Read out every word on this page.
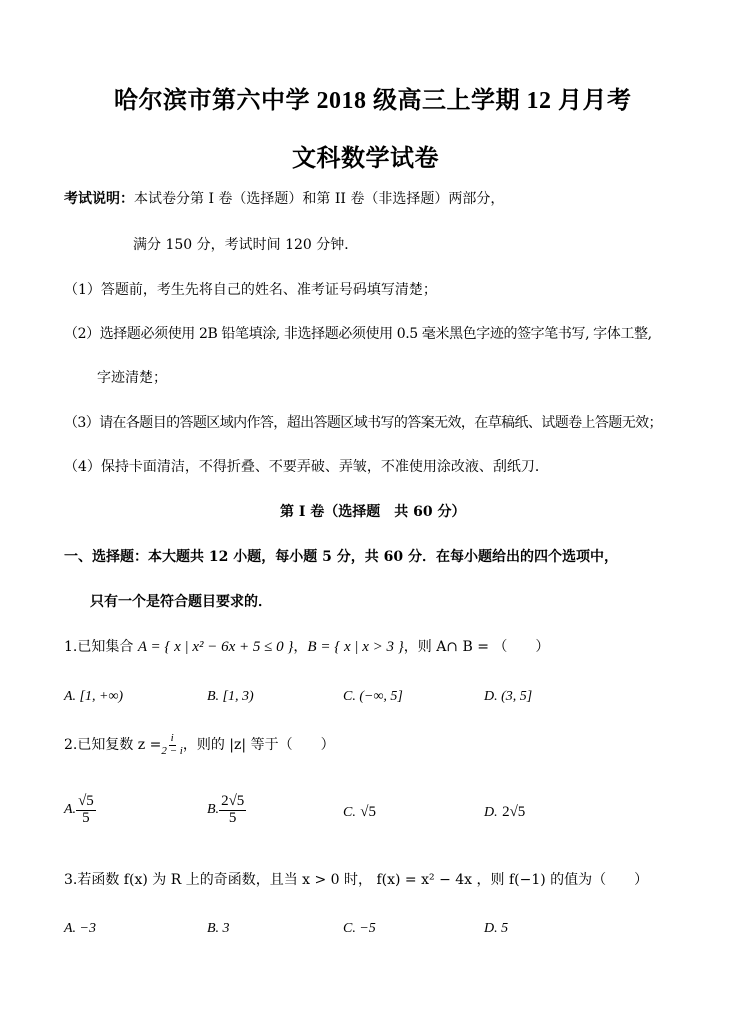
哈尔滨市第六中学 2018 级高三上学期 12 月月考
文科数学试卷
考试说明：本试卷分第 I 卷（选择题）和第 II 卷（非选择题）两部分，
满分 150 分，考试时间 120 分钟．
（1）答题前，考生先将自己的姓名、准考证号码填写清楚；
（2）选择题必须使用 2B 铅笔填涂, 非选择题必须使用 0.5 毫米黑色字迹的签字笔书写, 字体工整,
字迹清楚；
（3）请在各题目的答题区域内作答，超出答题区域书写的答案无效，在草稿纸、试题卷上答题无效；
（4）保持卡面清洁，不得折叠、不要弄破、弄皱，不准使用涂改液、刮纸刀．
第 I 卷（选择题　共 60 分）
一、选择题：本大题共 12 小题，每小题 5 分，共 60 分．在每小题给出的四个选项中，
只有一个是符合题目要求的．
1.已知集合 A = { x | x² − 6x + 5 ≤ 0 }，B = { x | x > 3 }，则 A∩ B = （　　）
A. [1, +∞)	B. [1, 3)	C. (−∞, 5]	D. (3, 5]
2.已知复数 $z = \frac{i}{2 - i}$ ，则的 |z| 等于（　　）
A. $\frac{√5}{5}$	B. $\frac{2√5}{5}$	C. √5	D. 2√5
3.若函数 f(x) 为 R 上的奇函数，且当 x > 0 时， f(x) = x² − 4x ，则 f(−1) 的值为（　　）
A. −3	B. 3	C. −5	D. 5
